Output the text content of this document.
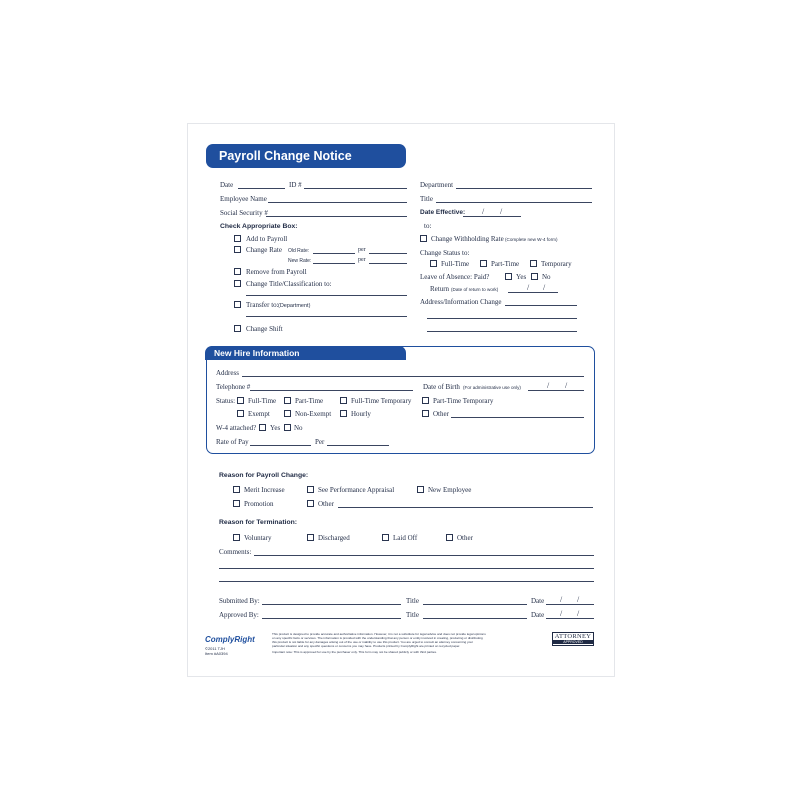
Payroll Change Notice
Date	ID #
Employee Name
Social Security #
Department
Title
Date Effective: / /
to:
Check Appropriate Box:
Add to Payroll
Change Rate Old Rate:	per
New Rate:	per
Remove from Payroll
Change Title/Classification to:
Transfer to: (Department)
Change Shift
Change Withholding Rate (Complete new W-4 form)
Change Status to:
Full-Time	Part-Time	Temporary
Leave of Absence: Paid?	Yes No
Return (Date of return to work)	/ /
Address/Information Change
New Hire Information
Address
Telephone #	Date of Birth (For administrative use only)	/ /
Status: Full-Time	Part-Time	Full-Time Temporary	Part-Time Temporary
Exempt	Non-Exempt	Hourly	Other
W-4 attached? Yes No
Rate of Pay	Per
Reason for Payroll Change:
Merit Increase	See Performance Appraisal	New Employee
Promotion	Other
Reason for Termination:
Voluntary	Discharged	Laid Off	Other
Comments:
Submitted By:	Title	Date / /
Approved By:	Title	Date / /
ComplyRight
©2011 TJH
Item #A0394
This product is designed to provide accurate and authoritative information. However, it is not a substitute for legal advice and does not provide legal opinions
on any specific facts or services. The information is provided with the understanding that any person or entity involved in creating, producing or distributing
this product is not liable for any damages arising out of the use or inability to use this product. You are urged to consult an attorney concerning your
particular situation and any specific questions or concerns you may have. Products printed by ComplyRight are printed on recycled paper.
Important note: This is approved for use by the purchaser only. This form may not be shared publicly or with third parties.
ATTORNEY
APPROVED
